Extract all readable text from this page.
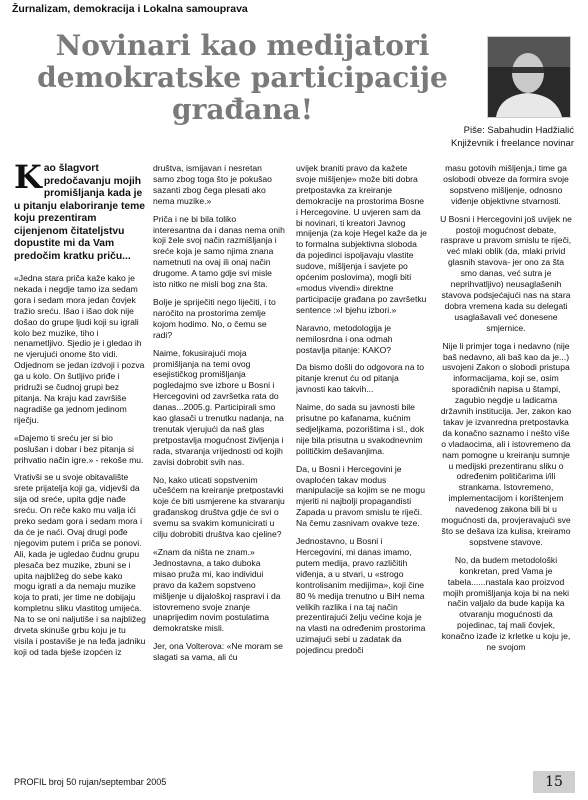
Žurnalizam, demokracija i Lokalna samouprava
Novinari kao medijatori demokratske participacije građana!
Piše: Sabahudin Hadžialić
Književnik i freelance novinar

Kao šlagvort predočavanju mojih promišljanja kada je u pitanju elaboriranje teme koju prezentiram cijenjenom čitateljstvu dopustite mi da Vam predočim kratku priču...

«Jedna stara priča kaže kako je nekada i negdje tamo iza sedam gora i sedam mora jedan čovjek tražio sreću. Išao i išao dok nije došao do grupe ljudi koji su igrali kolo bez muzike, tiho i nenametljivo. Sjedio je i gledao ih ne vjerujući onome što vidi. Odjednom se jedan izdvoji i pozva ga u kolo. On šutljivo priđe i pridruži se čudnoj grupi bez pitanja. Na kraju kad završiše nagradiše ga jednom jedinom riječju.

«Dajemo ti sreću jer si bio poslušan i dobar i bez pitanja si prihvatio način igre.» - rekoše mu.

Vrativši se u svoje obitavalište srete prijatelja koji ga, vidjevši da sija od sreće, upita gdje nađe sreću. On reče kako mu valja ići preko sedam gora i sedam mora i da će je naći. Ovaj drugi pođe njegovim putem i priča se ponovi. Ali, kada je ugledao čudnu grupu plesača bez muzike, zbuni se i upita najbližeg do sebe kako mogu igrati a da nemaju muzike koja to prati, jer time ne dobijaju kompletnu sliku vlastitog umijeća. Na to se oni naljutiše i sa najbližeg drveta skinuše grbu koju je tu visila i postaviše je na leđa jadniku koji od tada bješe izopćen iz

društva, ismijavan i nesretan samo zbog toga što je pokušao sazanti zbog čega plesati ako nema muzike.»

Priča i ne bi bila toliko interesantna da i danas nema onih koji žele svoj način razmišljanja i sreće koja je samo njima znana nametnuti na ovaj ili onaj način drugome. A tamo gdje svi misle isto nitko ne misli bog zna šta.

Bolje je spriječiti nego liječiti, i to naročito na prostorima zemlje kojom hodimo. No, o čemu se radi?

Naime, fokusirajući moja promišljanja na temi ovog esejističkog promišljanja pogledajmo sve izbore u Bosni i Hercegovini od završetka rata do danas...2005.g. Participirali smo kao glasači u trenutku nadanja, na trenutak vjerujući da naš glas pretpostavlja mogućnost življenja i rada, stvaranja vrijednosti od kojih zavisi dobrobit svih nas.

No, kako uticati sopstvenim učešćem na kreiranje pretpostavki koje će biti usmjerene ka stvaranju građanskog društva gdje će svi o svemu sa svakim komunicirati u cilju dobrobiti društva kao cjeline?

«Znam da ništa ne znam.» Jednostavna, a tako duboka misao pruža mi, kao individui pravo da kažem sopstveno mišljenje u dijaloškoj raspravi i da istovremeno svoje znanje unaprijedim novim postulatima demokratske misli.

Jer, ona Volterova: «Ne moram se slagati sa vama, ali ću

uvijek braniti pravo da kažete svoje mišljenje» može biti dobra pretpostavka za kreiranje demokracije na prostorima Bosne i Hercegovine. U uvjeren sam da bi novinari, ti kreatori Javnog mnijenja (za koje Hegel kaže da je to formalna subjektivna sloboda da pojedinci ispoljavaju vlastite sudove, mišljenja i savjete po općenim poslovima), mogli biti «modus vivendi» direktne participacije građana po završetku sentence :»I bjehu izbori.»

Naravno, metodologija je nemilosrdna i ona odmah postavlja pitanje: KAKO?

Da bismo došli do odgovora na to pitanje krenut ću od pitanja javnosti kao takvih...

Naime, do sada su javnosti bile prisutne po kafanama, kućnim sedjeljkama, pozorištima i sl., dok nije bila prisutna u svakodnevnim političkim dešavanjima.

Da, u Bosni i Hercegovini je ovaploćen takav modus manipulacije sa kojim se ne mogu mjeriti ni najbolji propagandisti Zapada u pravom smislu te riječi. Na čemu zasnivam ovakve teze.

Jednostavno, u Bosni i Hercegovini, mi danas imamo, putem medija, pravo različitih viđenja, a u stvari, u «strogo kontrolisanim medijima», koji čine 80 % medija trenutno u BiH nema velikih razlika i na taj način prezentirajući želju većine koja je na vlasti na određenim prostorima uzimajući sebi u zadatak da pojedincu predoči

masu gotovih mišljenja,i time ga oslobodi obveze da formira svoje sopstveno mišljenje, odnosno viđenje objektivne stvarnosti.

U Bosni i Hercegovini još uvijek ne postoji mogućnost debate, rasprave u pravom smislu te riječi, već mlaki oblik (da, mlaki privid glasnih stavova- jer ono za šta smo danas, već sutra je neprihvatljivo) neusaglašenih stavova podsjećajući nas na stara dobra vremena kada su delegati usaglašavali već donesene smjernice.

Nije li primjer toga i nedavno (nije baš nedavno, ali baš kao da je...) usvojeni Zakon o slobodi pristupa informacijama, koji se, osim sporadičnih napisa u štampi, zagubio negdje u ladicama državnih institucija. Jer, zakon kao takav je izvanredna pretpostavka da konačno saznamo i nešto više o vladaocima, ali i istovremeno da nam pomogne u kreiranju sumnje u medijski prezentiranu sliku o određenim političarima i/ili strankama. Istovremeno, implementacijom i korištenjem navedenog zakona bili bi u mogućnosti da, provjeravajući sve što se dešava iza kulisa, kreiramo sopstvene stavove.

No, da budem metodološki konkretan, pred Vama je tabela......nastala kao proizvod mojih promišljanja koja bi na neki način valjalo da bude kapija ka otvaranju mogućnosti da pojedinac, taj mali čovjek, konačno izađe iz krletke u koju je, ne svojom

PROFIL broj 50 rujan/septembar 2005	15
